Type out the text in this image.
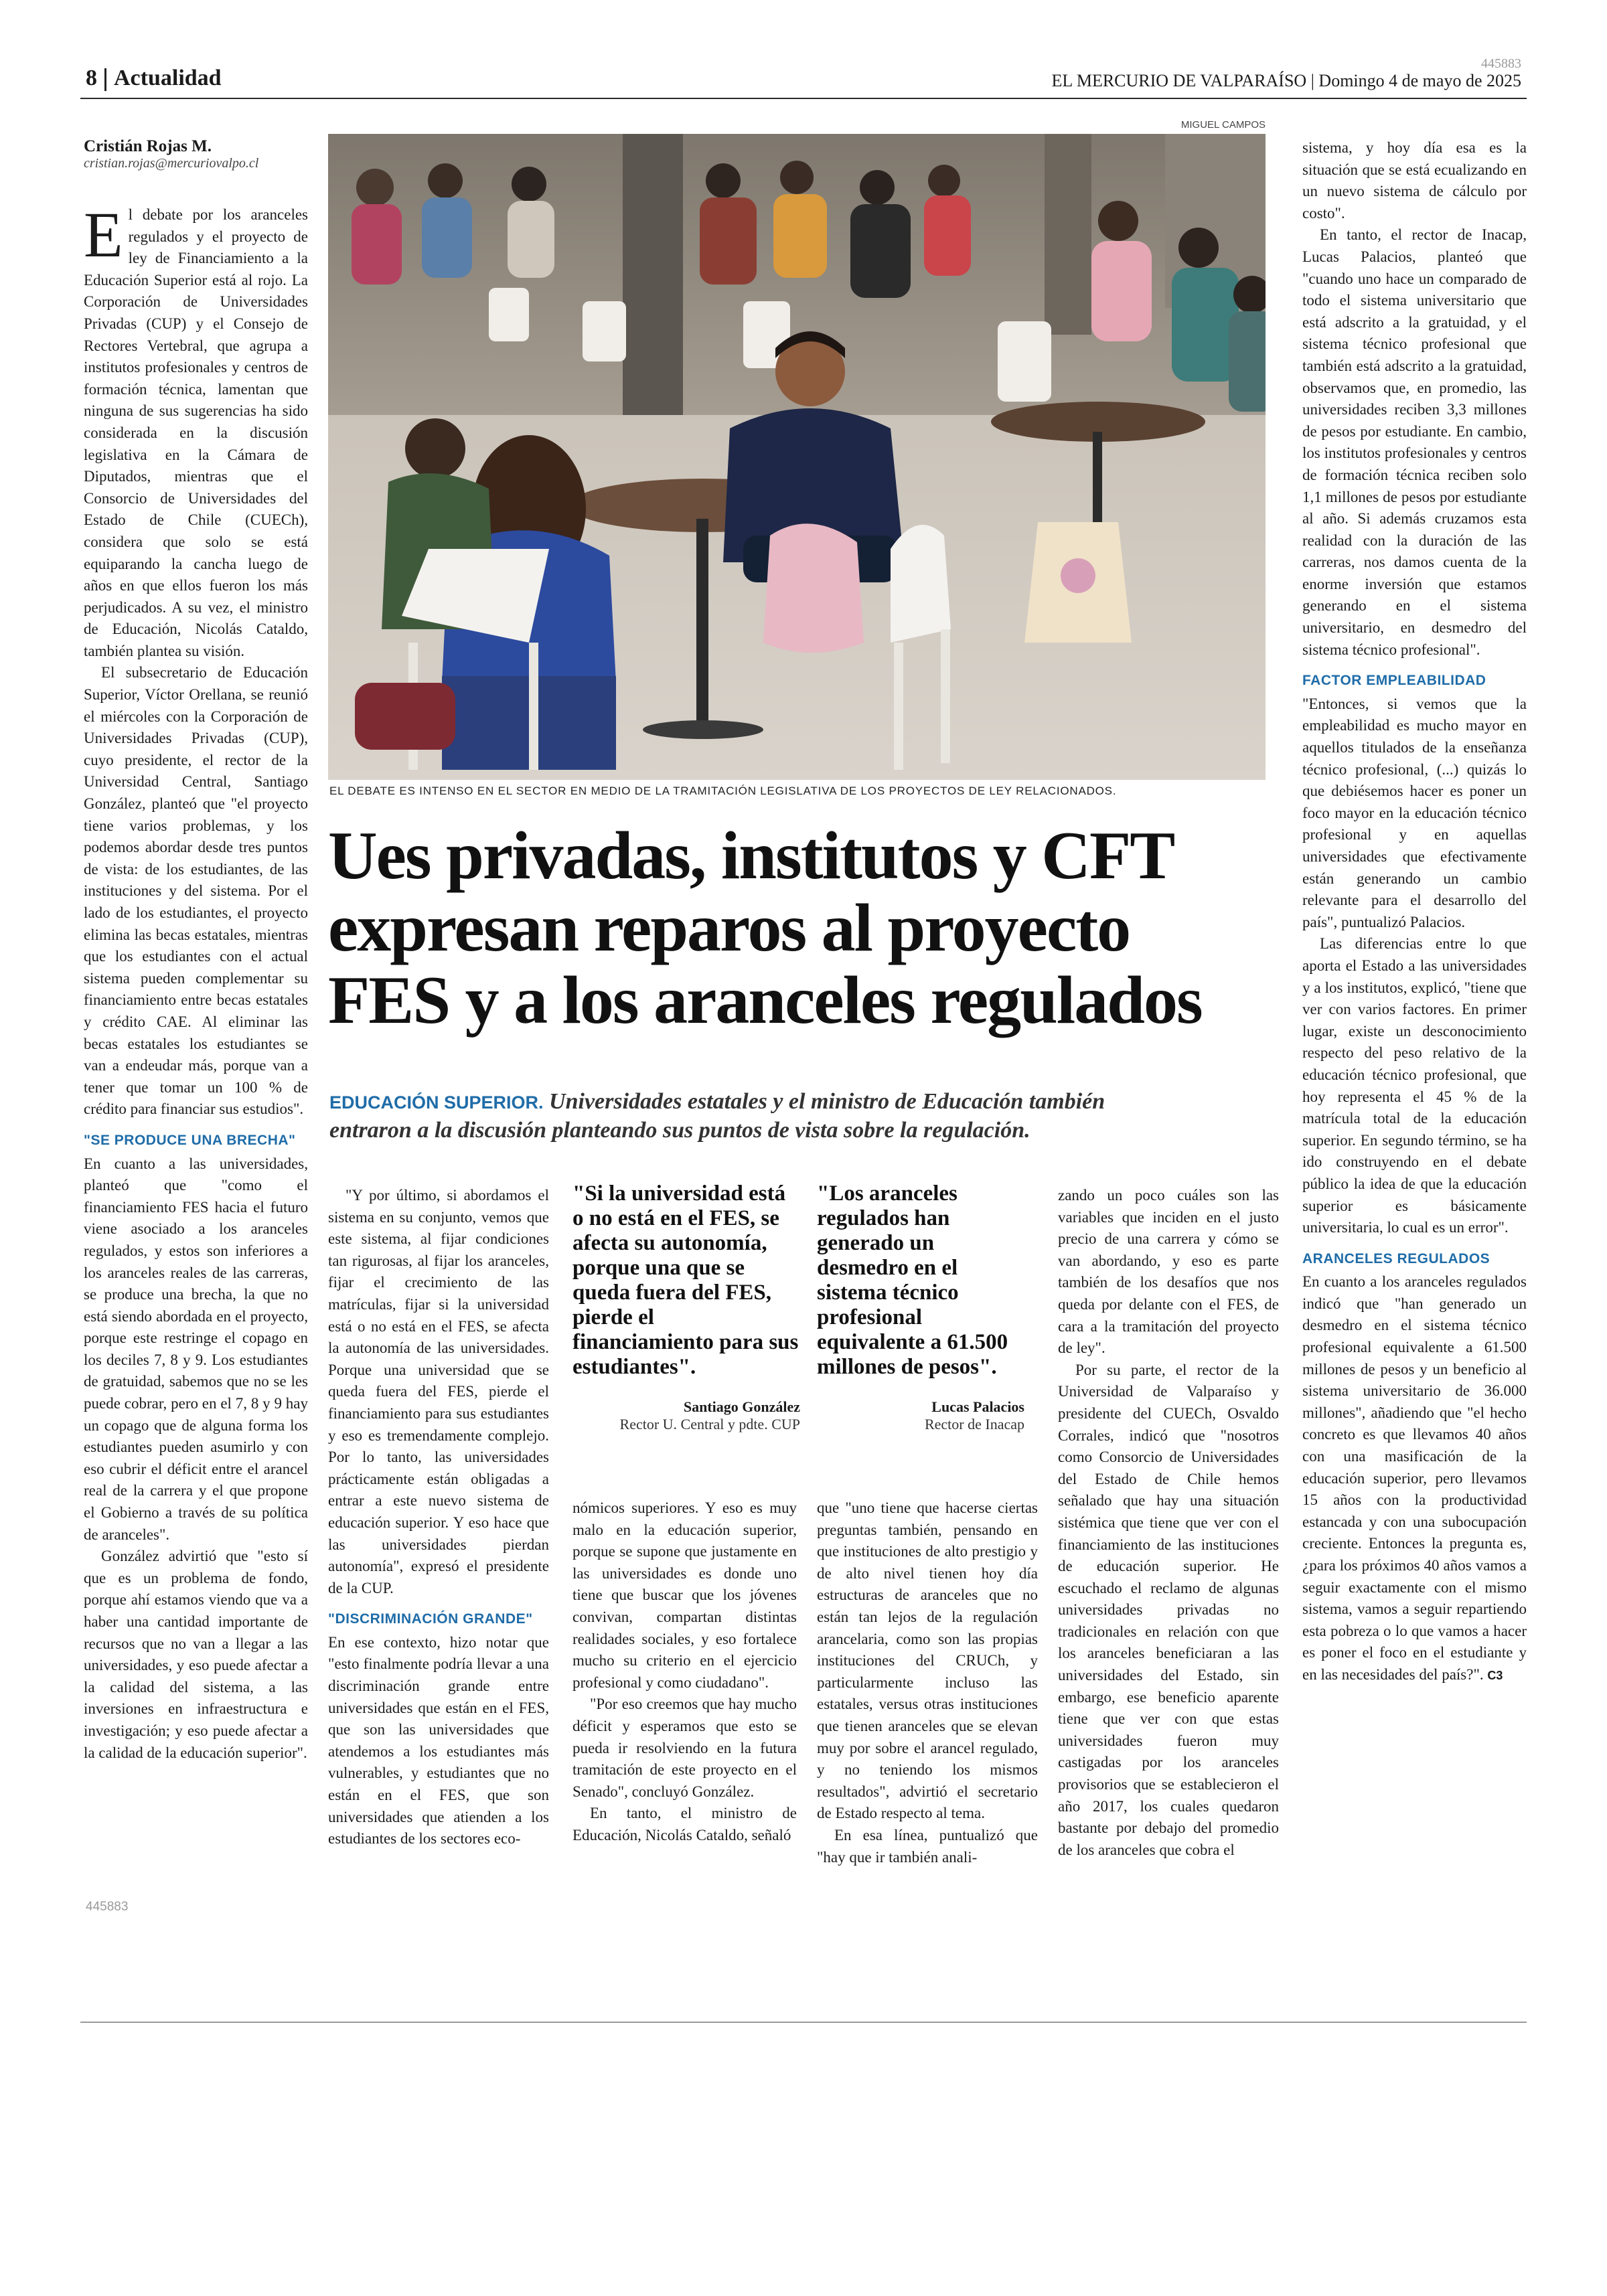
8 Actualidad
445883
EL MERCURIO DE VALPARAÍSO | Domingo 4 de mayo de 2025
Cristián Rojas M.
cristian.rojas@mercuriovalpo.cl
MIGUEL CAMPOS
EL DEBATE ES INTENSO EN EL SECTOR EN MEDIO DE LA TRAMITACIÓN LEGISLATIVA DE LOS PROYECTOS DE LEY RELACIONADOS.
Ues privadas, institutos y CFT
expresan reparos al proyecto
FES y a los aranceles regulados
EDUCACIÓN SUPERIOR. Universidades estatales y el ministro de Educación también
entraron a la discusión planteando sus puntos de vista sobre la regulación.

El debate por los aranceles regulados y el proyecto de ley de Financiamiento a la Educación Superior está al rojo. La Corporación de Universidades Privadas (CUP) y el Consejo de Rectores Vertebral, que agrupa a institutos profesionales y centros de formación técnica, lamentan que ninguna de sus sugerencias ha sido considerada en la discusión legislativa en la Cámara de Diputados, mientras que el Consorcio de Universidades del Estado de Chile (CUECh), considera que solo se está equiparando la cancha luego de años en que ellos fueron los más perjudicados. A su vez, el ministro de Educación, Nicolás Cataldo, también plantea su visión.

El subsecretario de Educación Superior, Víctor Orellana, se reunió el miércoles con la Corporación de Universidades Privadas (CUP), cuyo presidente, el rector de la Universidad Central, Santiago González, planteó que "el proyecto tiene varios problemas, y los podemos abordar desde tres puntos de vista: de los estudiantes, de las instituciones y del sistema. Por el lado de los estudiantes, el proyecto elimina las becas estatales, mientras que los estudiantes con el actual sistema pueden complementar su financiamiento entre becas estatales y crédito CAE. Al eliminar las becas estatales los estudiantes se van a endeudar más, porque van a tener que tomar un 100 % de crédito para financiar sus estudios".

"SE PRODUCE UNA BRECHA"

En cuanto a las universidades, planteó que "como el financiamiento FES hacia el futuro viene asociado a los aranceles regulados, y estos son inferiores a los aranceles reales de las carreras, se produce una brecha, la que no está siendo abordada en el proyecto, porque este restringe el copago en los deciles 7, 8 y 9. Los estudiantes de gratuidad, sabemos que no se les puede cobrar, pero en el 7, 8 y 9 hay un copago que de alguna forma los estudiantes pueden asumirlo y con eso cubrir el déficit entre el arancel real de la carrera y el que propone el Gobierno a través de su política de aranceles".

González advirtió que "esto sí que es un problema de fondo, porque ahí estamos viendo que va a haber una cantidad importante de recursos que no van a llegar a las universidades, y eso puede afectar a la calidad del sistema, a las inversiones en infraestructura e investigación; y eso puede afectar a la calidad de la educación superior".

445883

"Y por último, si abordamos el sistema en su conjunto, vemos que este sistema, al fijar condiciones tan rigurosas, al fijar los aranceles, fijar el crecimiento de las matrículas, fijar si la universidad está o no está en el FES, se afecta la autonomía de las universidades. Porque una universidad que se queda fuera del FES, pierde el financiamiento para sus estudiantes y eso es tremendamente complejo. Por lo tanto, las universidades prácticamente están obligadas a entrar a este nuevo sistema de educación superior. Y eso hace que las universidades pierdan autonomía", expresó el presidente de la CUP.

"DISCRIMINACIÓN GRANDE"

En ese contexto, hizo notar que "esto finalmente podría llevar a una discriminación grande entre universidades que están en el FES, que son las universidades que atendemos a los estudiantes más vulnerables, y estudiantes que no están en el FES, que son universidades que atienden a los estudiantes de los sectores eco-

"Si la universidad está o no está en el FES, se afecta su autonomía, porque una que se queda fuera del FES, pierde el financiamiento para sus estudiantes".
Santiago González
Rector U. Central y pdte. CUP
"Los aranceles regulados han generado un desmedro en el sistema técnico profesional equivalente a 61.500 millones de pesos".
Lucas Palacios
Rector de Inacap

nómicos superiores. Y eso es muy malo en la educación superior, porque se supone que justamente en las universidades es donde uno tiene que buscar que los jóvenes convivan, compartan distintas realidades sociales, y eso fortalece mucho su criterio en el ejercicio profesional y como ciudadano".

"Por eso creemos que hay mucho déficit y esperamos que esto se pueda ir resolviendo en la futura tramitación de este proyecto en el Senado", concluyó González.

En tanto, el ministro de Educación, Nicolás Cataldo, señaló

que "uno tiene que hacerse ciertas preguntas también, pensando en que instituciones de alto prestigio y de alto nivel tienen hoy día estructuras de aranceles que no están tan lejos de la regulación arancelaria, como son las propias instituciones del CRUCh, y particularmente incluso las estatales, versus otras instituciones que tienen aranceles que se elevan muy por sobre el arancel regulado, y no teniendo los mismos resultados", advirtió el secretario de Estado respecto al tema.

En esa línea, puntualizó que "hay que ir también anali-

zando un poco cuáles son las variables que inciden en el justo precio de una carrera y cómo se van abordando, y eso es parte también de los desafíos que nos queda por delante con el FES, de cara a la tramitación del proyecto de ley".

Por su parte, el rector de la Universidad de Valparaíso y presidente del CUECh, Osvaldo Corrales, indicó que "nosotros como Consorcio de Universidades del Estado de Chile hemos señalado que hay una situación sistémica que tiene que ver con el financiamiento de las instituciones de educación superior. He escuchado el reclamo de algunas universidades privadas no tradicionales en relación con que los aranceles beneficiaran a las universidades del Estado, sin embargo, ese beneficio aparente tiene que ver con que estas universidades fueron muy castigadas por los aranceles provisorios que se establecieron el año 2017, los cuales quedaron bastante por debajo del promedio de los aranceles que cobra el

sistema, y hoy día esa es la situación que se está ecualizando en un nuevo sistema de cálculo por costo".

En tanto, el rector de Inacap, Lucas Palacios, planteó que "cuando uno hace un comparado de todo el sistema universitario que está adscrito a la gratuidad, y el sistema técnico profesional que también está adscrito a la gratuidad, observamos que, en promedio, las universidades reciben 3,3 millones de pesos por estudiante. En cambio, los institutos profesionales y centros de formación técnica reciben solo 1,1 millones de pesos por estudiante al año. Si además cruzamos esta realidad con la duración de las carreras, nos damos cuenta de la enorme inversión que estamos generando en el sistema universitario, en desmedro del sistema técnico profesional".

FACTOR EMPLEABILIDAD

"Entonces, si vemos que la empleabilidad es mucho mayor en aquellos titulados de la enseñanza técnico profesional, (...) quizás lo que debiésemos hacer es poner un foco mayor en la educación técnico profesional y en aquellas universidades que efectivamente están generando un cambio relevante para el desarrollo del país", puntualizó Palacios.

Las diferencias entre lo que aporta el Estado a las universidades y a los institutos, explicó, "tiene que ver con varios factores. En primer lugar, existe un desconocimiento respecto del peso relativo de la educación técnico profesional, que hoy representa el 45 % de la matrícula total de la educación superior. En segundo término, se ha ido construyendo en el debate público la idea de que la educación superior es básicamente universitaria, lo cual es un error".

ARANCELES REGULADOS

En cuanto a los aranceles regulados indicó que "han generado un desmedro en el sistema técnico profesional equivalente a 61.500 millones de pesos y un beneficio al sistema universitario de 36.000 millones", añadiendo que "el hecho concreto es que llevamos 40 años con una masificación de la educación superior, pero llevamos 15 años con la productividad estancada y con una subocupación creciente. Entonces la pregunta es, ¿para los próximos 40 años vamos a seguir exactamente con el mismo sistema, vamos a seguir repartiendo esta pobreza o lo que vamos a hacer es poner el foco en el estudiante y en las necesidades del país?". C3
